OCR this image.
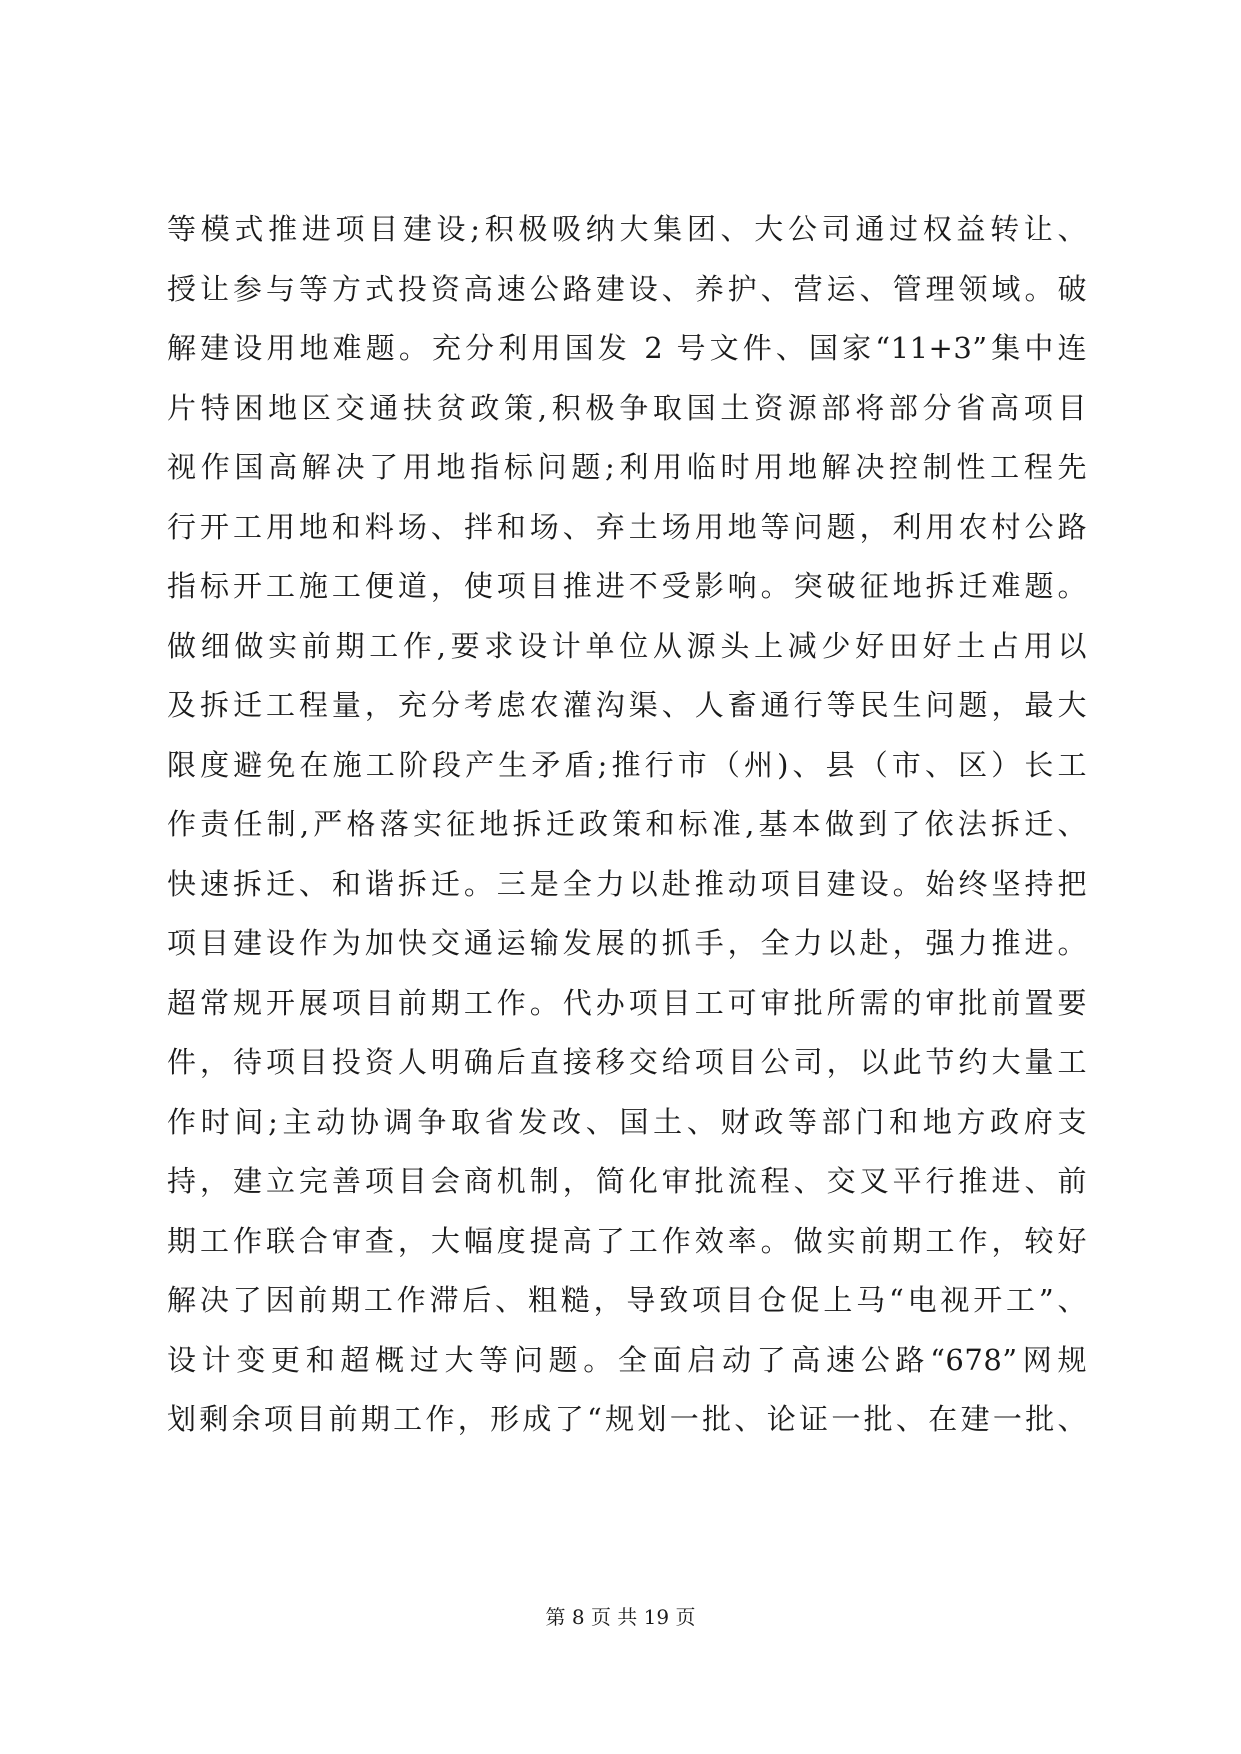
等模式推进项目建设;积极吸纳大集团、大公司通过权益转让、
授让参与等方式投资高速公路建设、养护、营运、管理领域。破
解建设用地难题。充分利用国发 2 号文件、国家“11+3”集中连
片特困地区交通扶贫政策,积极争取国土资源部将部分省高项目
视作国高解决了用地指标问题;利用临时用地解决控制性工程先
行开工用地和料场、拌和场、弃土场用地等问题，利用农村公路
指标开工施工便道，使项目推进不受影响。突破征地拆迁难题。
做细做实前期工作,要求设计单位从源头上减少好田好土占用以
及拆迁工程量，充分考虑农灌沟渠、人畜通行等民生问题，最大
限度避免在施工阶段产生矛盾;推行市（州)、县（市、区）长工
作责任制,严格落实征地拆迁政策和标准,基本做到了依法拆迁、
快速拆迁、和谐拆迁。三是全力以赴推动项目建设。始终坚持把
项目建设作为加快交通运输发展的抓手，全力以赴，强力推进。
超常规开展项目前期工作。代办项目工可审批所需的审批前置要
件，待项目投资人明确后直接移交给项目公司，以此节约大量工
作时间;主动协调争取省发改、国土、财政等部门和地方政府支
持，建立完善项目会商机制，简化审批流程、交叉平行推进、前
期工作联合审查，大幅度提高了工作效率。做实前期工作，较好
解决了因前期工作滞后、粗糙，导致项目仓促上马“电视开工”、
设计变更和超概过大等问题。全面启动了高速公路“678”网规
划剩余项目前期工作，形成了“规划一批、论证一批、在建一批、
第 8 页 共 19 页
